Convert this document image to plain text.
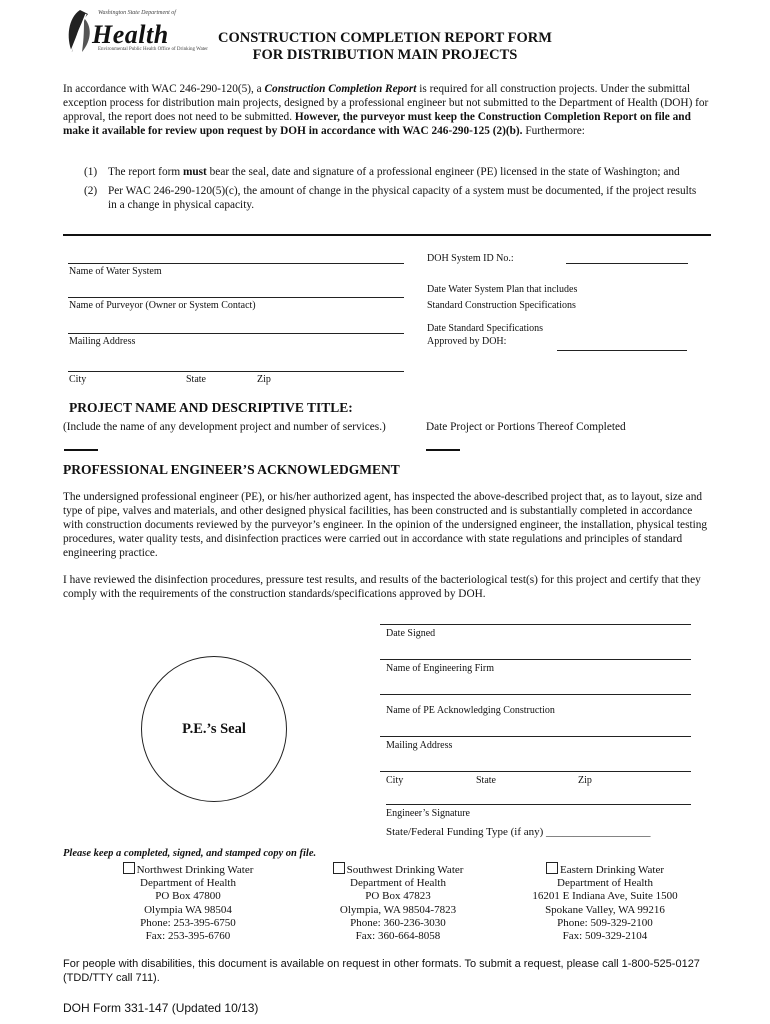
Washington State Department of
Health
Environmental Public Health Office of Drinking Water
CONSTRUCTION COMPLETION REPORT FORM
FOR DISTRIBUTION MAIN PROJECTS
In accordance with WAC 246-290-120(5), a Construction Completion Report is required for all construction projects. Under the submittal exception process for distribution main projects, designed by a professional engineer but not submitted to the Department of Health (DOH) for approval, the report does not need to be submitted. However, the purveyor must keep the Construction Completion Report on file and make it available for review upon request by DOH in accordance with WAC 246-290-125 (2)(b). Furthermore:
(1) The report form must bear the seal, date and signature of a professional engineer (PE) licensed in the state of Washington; and
(2) Per WAC 246-290-120(5)(c), the amount of change in the physical capacity of a system must be documented, if the project results in a change in physical capacity.
Name of Water System
Name of Purveyor (Owner or System Contact)
Mailing Address
City	State	Zip
DOH System ID No.:
Date Water System Plan that includes
Standard Construction Specifications
Date Standard Specifications
Approved by DOH:
PROJECT NAME AND DESCRIPTIVE TITLE:
(Include the name of any development project and number of services.)	Date Project or Portions Thereof Completed
PROFESSIONAL ENGINEER’S ACKNOWLEDGMENT
The undersigned professional engineer (PE), or his/her authorized agent, has inspected the above-described project that, as to layout, size and type of pipe, valves and materials, and other designed physical facilities, has been constructed and is substantially completed in accordance with construction documents reviewed by the purveyor’s engineer. In the opinion of the undersigned engineer, the installation, physical testing procedures, water quality tests, and disinfection practices were carried out in accordance with state regulations and principles of standard engineering practice.
I have reviewed the disinfection procedures, pressure test results, and results of the bacteriological test(s) for this project and certify that they comply with the requirements of the construction standards/specifications approved by DOH.
P.E.’s Seal
Date Signed
Name of Engineering Firm
Name of PE Acknowledging Construction
Mailing Address
City	State	Zip
Engineer’s Signature
State/Federal Funding Type (if any) ___________________
Please keep a completed, signed, and stamped copy on file.
Northwest Drinking Water
Department of Health
PO Box 47800
Olympia WA 98504
Phone: 253-395-6750
Fax: 253-395-6760
Southwest Drinking Water
Department of Health
PO Box 47823
Olympia, WA 98504-7823
Phone: 360-236-3030
Fax: 360-664-8058
Eastern Drinking Water
Department of Health
16201 E Indiana Ave, Suite 1500
Spokane Valley, WA 99216
Phone: 509-329-2100
Fax: 509-329-2104
For people with disabilities, this document is available on request in other formats. To submit a request, please call 1-800-525-0127 (TDD/TTY call 711).
DOH Form 331-147 (Updated 10/13)
